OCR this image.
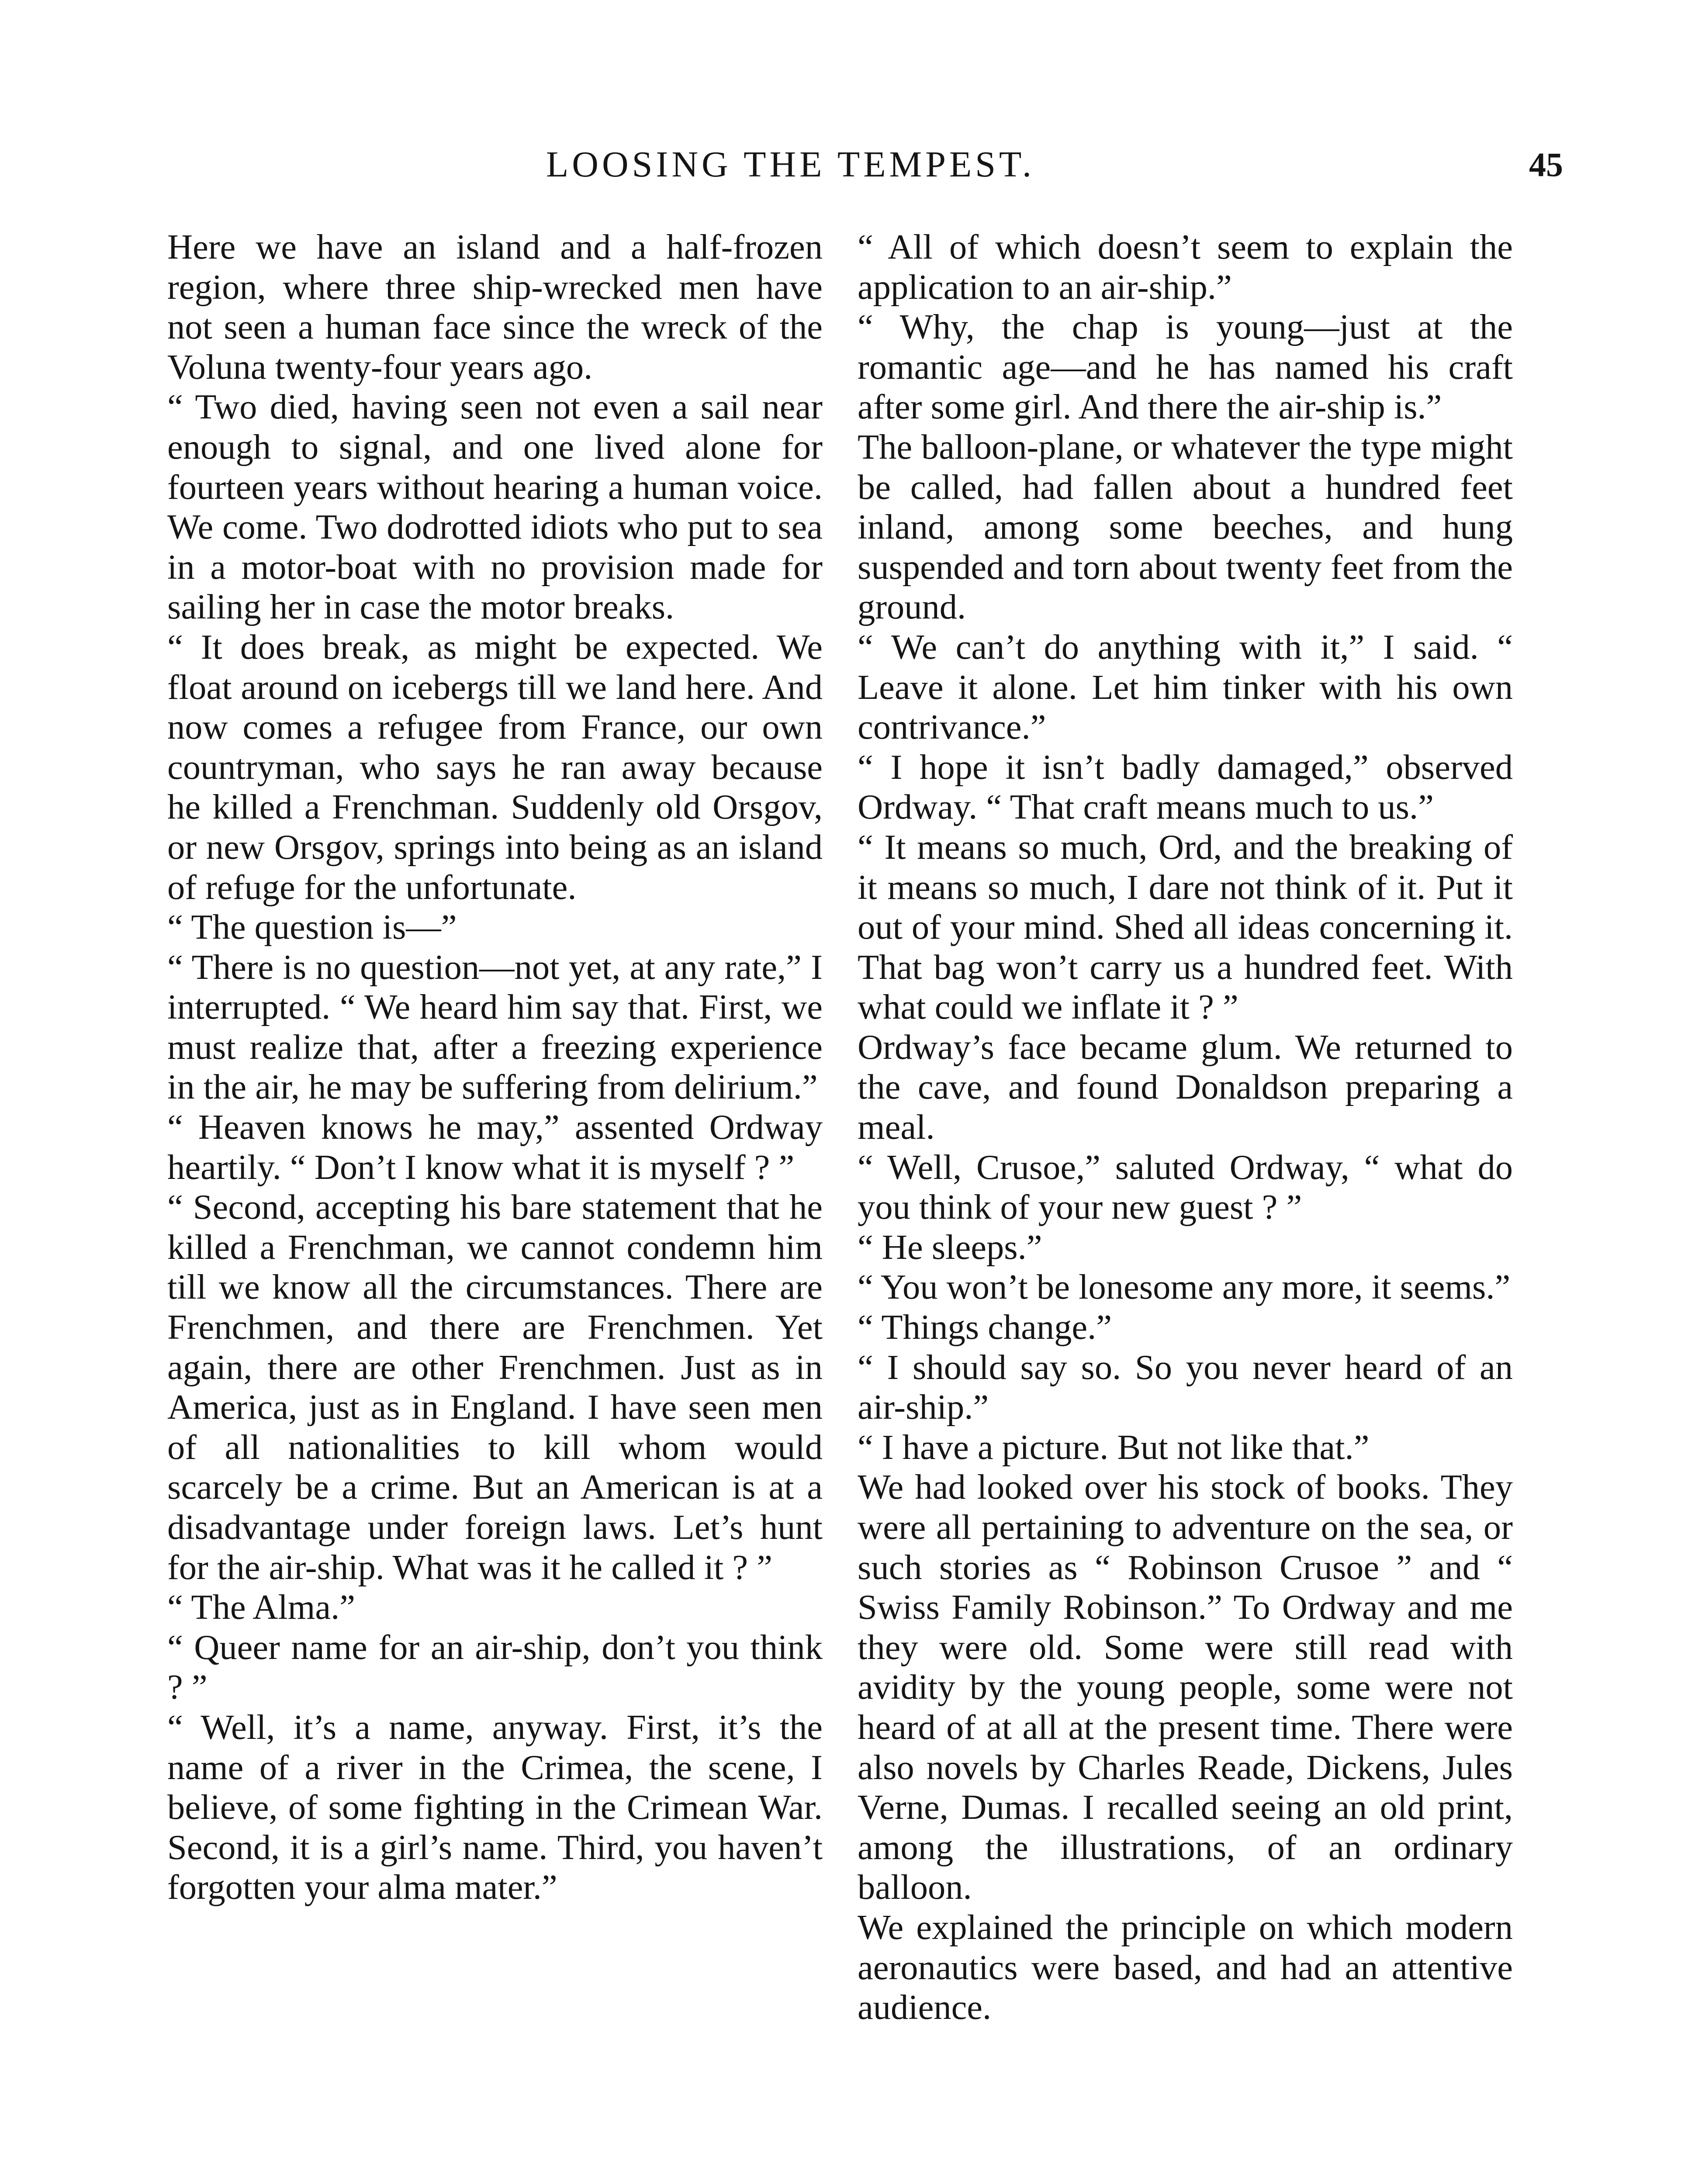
LOOSING THE TEMPEST.	45

Here we have an island and a half-frozen region, where three ship-wrecked men have not seen a human face since the wreck of the Voluna twenty-four years ago.

“ Two died, having seen not even a sail near enough to signal, and one lived alone for fourteen years without hearing a human voice. We come. Two dodrotted idiots who put to sea in a motor-boat with no provision made for sailing her in case the motor breaks.

“ It does break, as might be expected. We float around on icebergs till we land here. And now comes a refugee from France, our own countryman, who says he ran away because he killed a Frenchman. Suddenly old Orsgov, or new Orsgov, springs into being as an island of refuge for the unfortunate.

“ The question is—”

“ There is no question—not yet, at any rate,” I interrupted. “ We heard him say that. First, we must realize that, after a freezing experience in the air, he may be suffering from delirium.”

“ Heaven knows he may,” assented Ordway heartily. “ Don’t I know what it is myself ? ”

“ Second, accepting his bare statement that he killed a Frenchman, we cannot condemn him till we know all the circumstances. There are Frenchmen, and there are Frenchmen. Yet again, there are other Frenchmen. Just as in America, just as in England. I have seen men of all nationalities to kill whom would scarcely be a crime. But an American is at a disadvantage under foreign laws. Let’s hunt for the air-ship. What was it he called it ? ”

“ The Alma.”

“ Queer name for an air-ship, don’t you think ? ”

“ Well, it’s a name, anyway. First, it’s the name of a river in the Crimea, the scene, I believe, of some fighting in the Crimean War. Second, it is a girl’s name. Third, you haven’t forgotten your alma mater.”

“ All of which doesn’t seem to explain the application to an air-ship.”

“ Why, the chap is young—just at the romantic age—and he has named his craft after some girl. And there the air-ship is.”

The balloon-plane, or whatever the type might be called, had fallen about a hundred feet inland, among some beeches, and hung suspended and torn about twenty feet from the ground.

“ We can’t do anything with it,” I said. “ Leave it alone. Let him tinker with his own contrivance.”

“ I hope it isn’t badly damaged,” observed Ordway. “ That craft means much to us.”

“ It means so much, Ord, and the breaking of it means so much, I dare not think of it. Put it out of your mind. Shed all ideas concerning it. That bag won’t carry us a hundred feet. With what could we inflate it ? ”

Ordway’s face became glum. We returned to the cave, and found Donaldson preparing a meal.

“ Well, Crusoe,” saluted Ordway, “ what do you think of your new guest ? ”

“ He sleeps.”

“ You won’t be lonesome any more, it seems.”

“ Things change.”

“ I should say so. So you never heard of an air-ship.”

“ I have a picture. But not like that.”

We had looked over his stock of books. They were all pertaining to adventure on the sea, or such stories as “ Robinson Crusoe ” and “ Swiss Family Robinson.” To Ordway and me they were old. Some were still read with avidity by the young people, some were not heard of at all at the present time. There were also novels by Charles Reade, Dickens, Jules Verne, Dumas. I recalled seeing an old print, among the illustrations, of an ordinary balloon.

We explained the principle on which modern aeronautics were based, and had an attentive audience.
